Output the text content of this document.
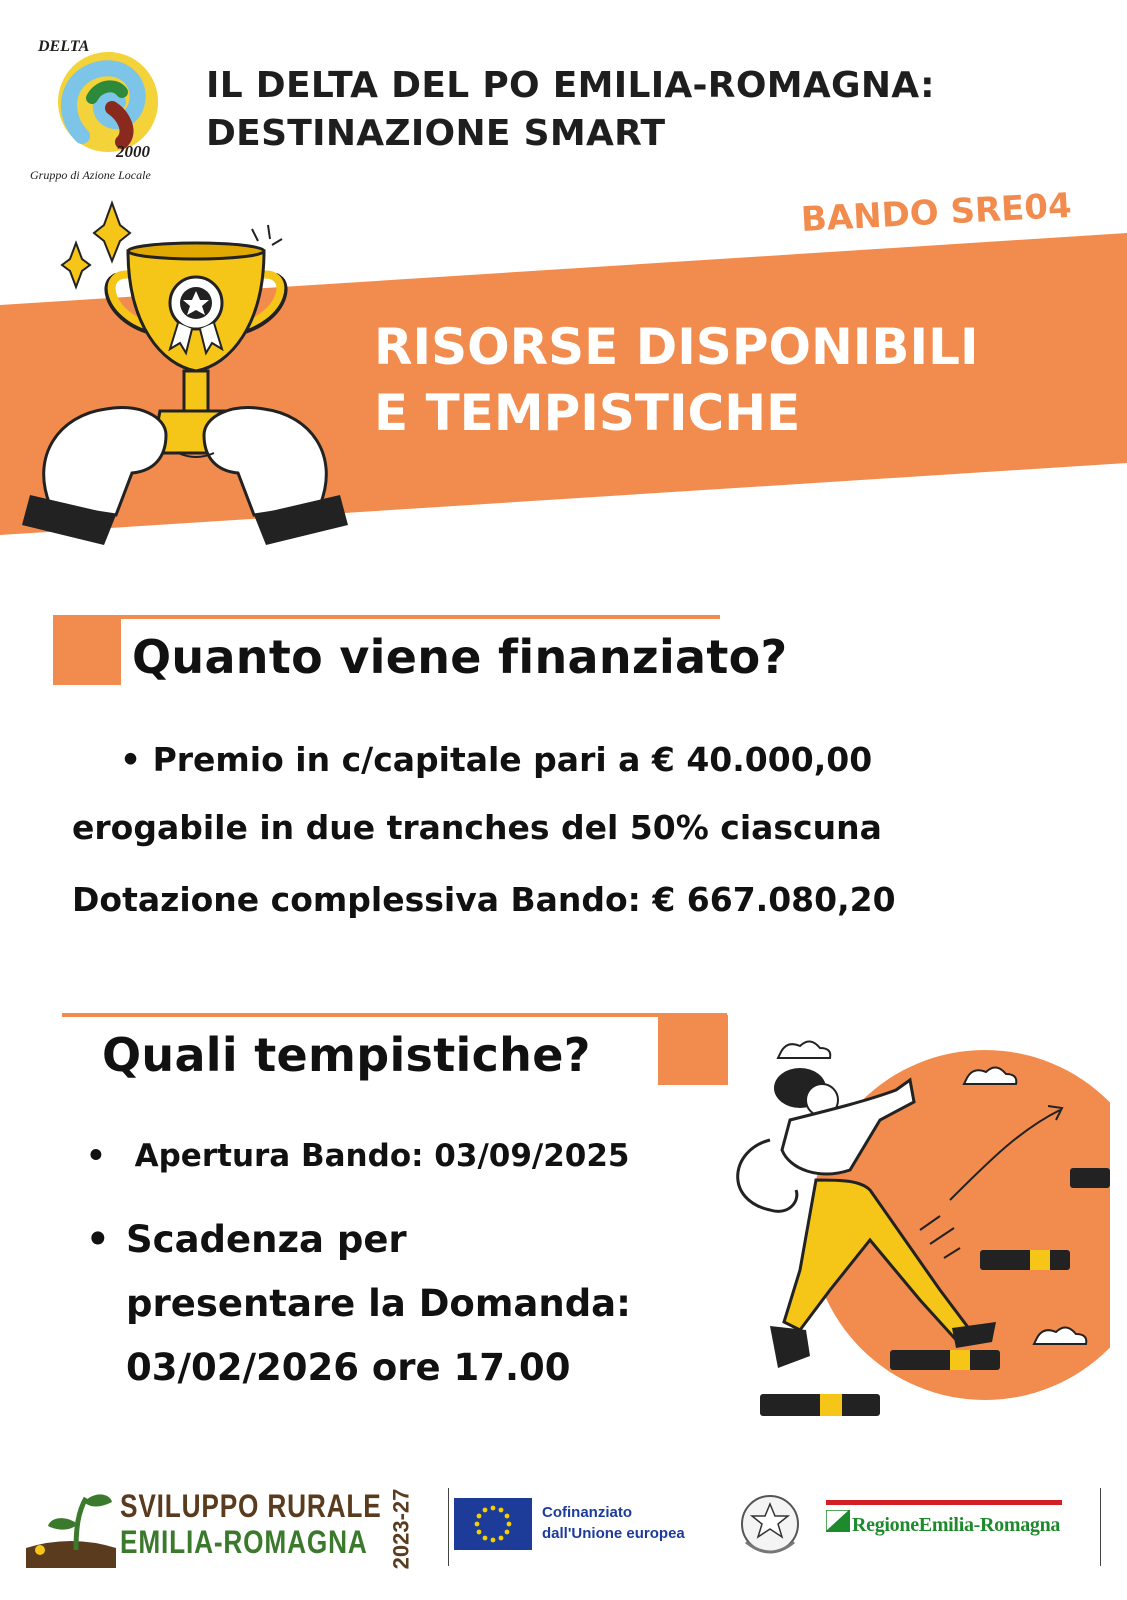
DELTA
2000
Gruppo di Azione Locale
IL DELTA DEL PO EMILIA-ROMAGNA:
DESTINAZIONE SMART
BANDO SRE04
RISORSE DISPONIBILI
E TEMPISTICHE
Quanto viene finanziato?
• Premio in c/capitale pari a € 40.000,00
erogabile in due tranches del 50% ciascuna
Dotazione complessiva Bando: € 667.080,20
Quali tempistiche?
• Apertura Bando: 03/09/2025
• Scadenza per
presentare la Domanda:
03/02/2026 ore 17.00
SVILUPPO RURALE
EMILIA-ROMAGNA 2023-27	Cofinanziato
dall'Unione europea	RegioneEmilia-Romagna
